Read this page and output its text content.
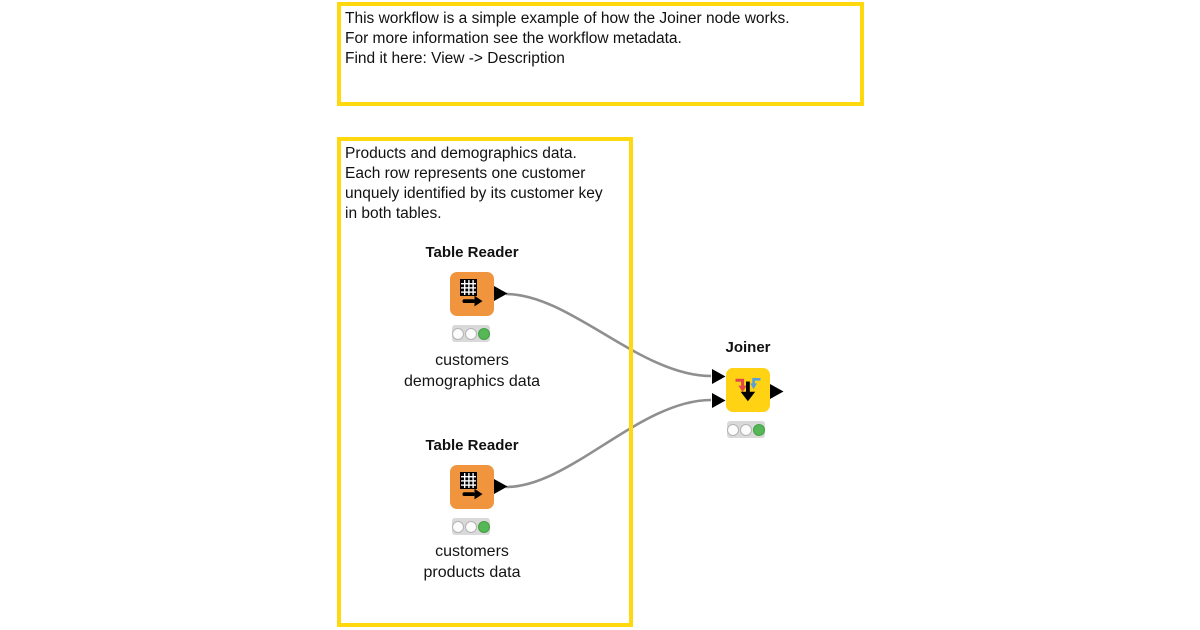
This workflow is a simple example of how the Joiner node works.
For more information see the workflow metadata.
Find it here: View -> Description
Products and demographics data.
Each row represents one customer
unquely identified by its customer key
in both tables.
Table Reader
customers
demographics data
Table Reader
customers
products data
Joiner
